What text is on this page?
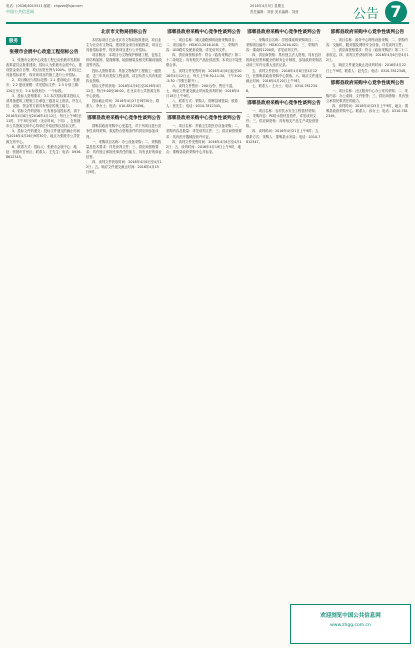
电话：(0436)6010511 邮箱：chgzzb@sjw.com
中国公共信息网
2016年4月5日 星期五
责任编辑：刘营 美术编辑：刘营	公告 7
服务
张掖市会展中心改造工程招标公告

1、张掖市会展中心改造工程已由张掖市发展和改革委员会批准建设，招标人为张掖市会展中心，建设资金来自自筹，项目出资比例为100%。该项目已具备招标条件，现对该项目的施工进行公开招标。

2、项目概况与招标范围：2.1 建设地点：张掖市；2.2 建设规模：详见招标文件；2.3 计划工期：120日历天；2.4 标段划分：一个标段。

3、投标人资格要求：3.1 本次招标要求投标人须具备建筑工程施工总承包三级及以上资质，并在人员、设备、资金等方面具有相应的施工能力。

4、招标文件的获取：凡有意参加投标者，请于2016年4月6日至2016年4月12日，每日上午9时至11时，下午3时至5时（北京时间，下同），在张掖市公共资源交易中心持单位介绍信购买招标文件。

5、投标文件的递交：投标文件递交的截止时间为2016年4月26日9时30分，地点为张掖市公共资源交易中心。

6、联系方式：招标人：张掖市会展中心；地址：张掖市甘州区；联系人：王先生；电话：0936-8612345。

北京市文物局招标公告

本招标项目已由北京市文物局批准建设，项目业主为北京市文物局，建设资金来自财政拨款，项目已具备招标条件，现对该项目进行公开招标。

项目概况：本项目为文物保护修缮工程，包括主体结构加固、屋面修缮、地面铺装及相关附属设施改造等内容。

投标人资格要求：具备文物保护工程施工一级资质，近三年具有类似工程业绩，项目负责人具有相应执业资格。

招标文件的获取：2016年4月6日至2016年4月12日，每日9:00至16:00，在北京市公共资源交易中心获取。

投标截止时间：2016年4月27日9时30分。联系人：李女士；电话：010-85123456。

邯郸县政府采购中心竞争性谈判公告

邯郸县政府采购中心受委托，对下列项目进行竞争性谈判采购，欢迎符合资格条件的供应商参加谈判。

一、采购项目名称：办公设备采购；二、采购数量及技术要求：详见谈判文件；三、供应商资格要求：具有独立承担民事责任的能力，具有良好的商业信誉。

四、谈判文件获取时间：2016年4月6日至4月12日；五、响应文件递交截止时间：2016年4月15日9时。

邯郸县政府采购中心竞争性谈判公告

一、项目名称：城区道路照明设备采购项目；二、项目编号：HDXCG-2016-018；三、采购内容：LED路灯及配套设施，详见谈判文件。

四、供应商资格条件：符合《政府采购法》第二十二条规定；具有相关产品经营范围；本项目不接受联合体。

五、谈判文件发售时间：2016年4月6日起至2016年4月12日止，每天上午8:30-11:30，下午3:00-5:30（节假日除外）。

六、谈判文件售价：200元/份，售后不退。七、响应文件递交截止时间及谈判时间：2016年4月18日上午9时。

八、联系方式：采购人：邯郸县城管局；联系人：张先生；电话：0310-7812345。

邯郸县政府采购中心竞争性谈判公告

一、项目名称：乡镇卫生院医疗设备采购；二、采购内容及数量：详见谈判文件；三、供应商资格要求：具有医疗器械经营许可证。

四、谈判文件发售时间：2016年4月6日至4月12日；五、谈判时间：2016年4月19日上午9时，地点：邯郸县政府采购中心开标室。

邯郸县政府采购中心竞争性谈判公告

一、采购项目名称：学校课桌椅采购项目；二、采购项目编号：HDXCG-2016-021；三、采购内容：课桌椅1200套，详见谈判文件。

四、供应商资格：具有独立法人资格，具有良好的商业信誉和健全的财务会计制度，参加政府采购活动前三年内无重大违法记录。

五、谈判文件获取：2016年4月6日至4月12日，在邯郸县政府采购中心领取。六、响应文件递交截止时间：2016年4月20日上午9时。

七、联系人：王女士；电话：0310-7812346。

邯郸县政府采购中心竞争性谈判公告

一、项目名称：农村饮水安全工程管材采购；二、采购内容：PE给水管材及管件，详见谈判文件；三、供应商资格：具有相关产品生产或经营资格。

四、谈判时间：2016年4月21日上午9时；五、联系方式：采购人：邯郸县水务局；电话：0310-7812347。

邯郸县政府采购中心竞争性谈判公告

一、项目名称：政务中心网络设备采购；二、采购内容：交换机、服务器及网络安全设备，详见谈判文件。

三、供应商资格要求：符合《政府采购法》第二十二条规定。四、谈判文件获取时间：2016年4月6日至4月12日。

五、响应文件递交截止及谈判时间：2016年4月22日上午9时。联系人：赵先生；电话：0310-7812348。

邯郸县政府采购中心竞争性谈判公告

一、项目名称：社区服务中心办公家具采购；二、采购内容：办公桌椅、文件柜等；三、供应商资格：具有独立承担民事责任的能力。

四、谈判时间：2016年4月25日上午9时，地点：邯郸县政府采购中心。联系人：孙女士；电话：0310-7812349。

欢迎浏览中国公共信息网
www.zhgg.com.cn
